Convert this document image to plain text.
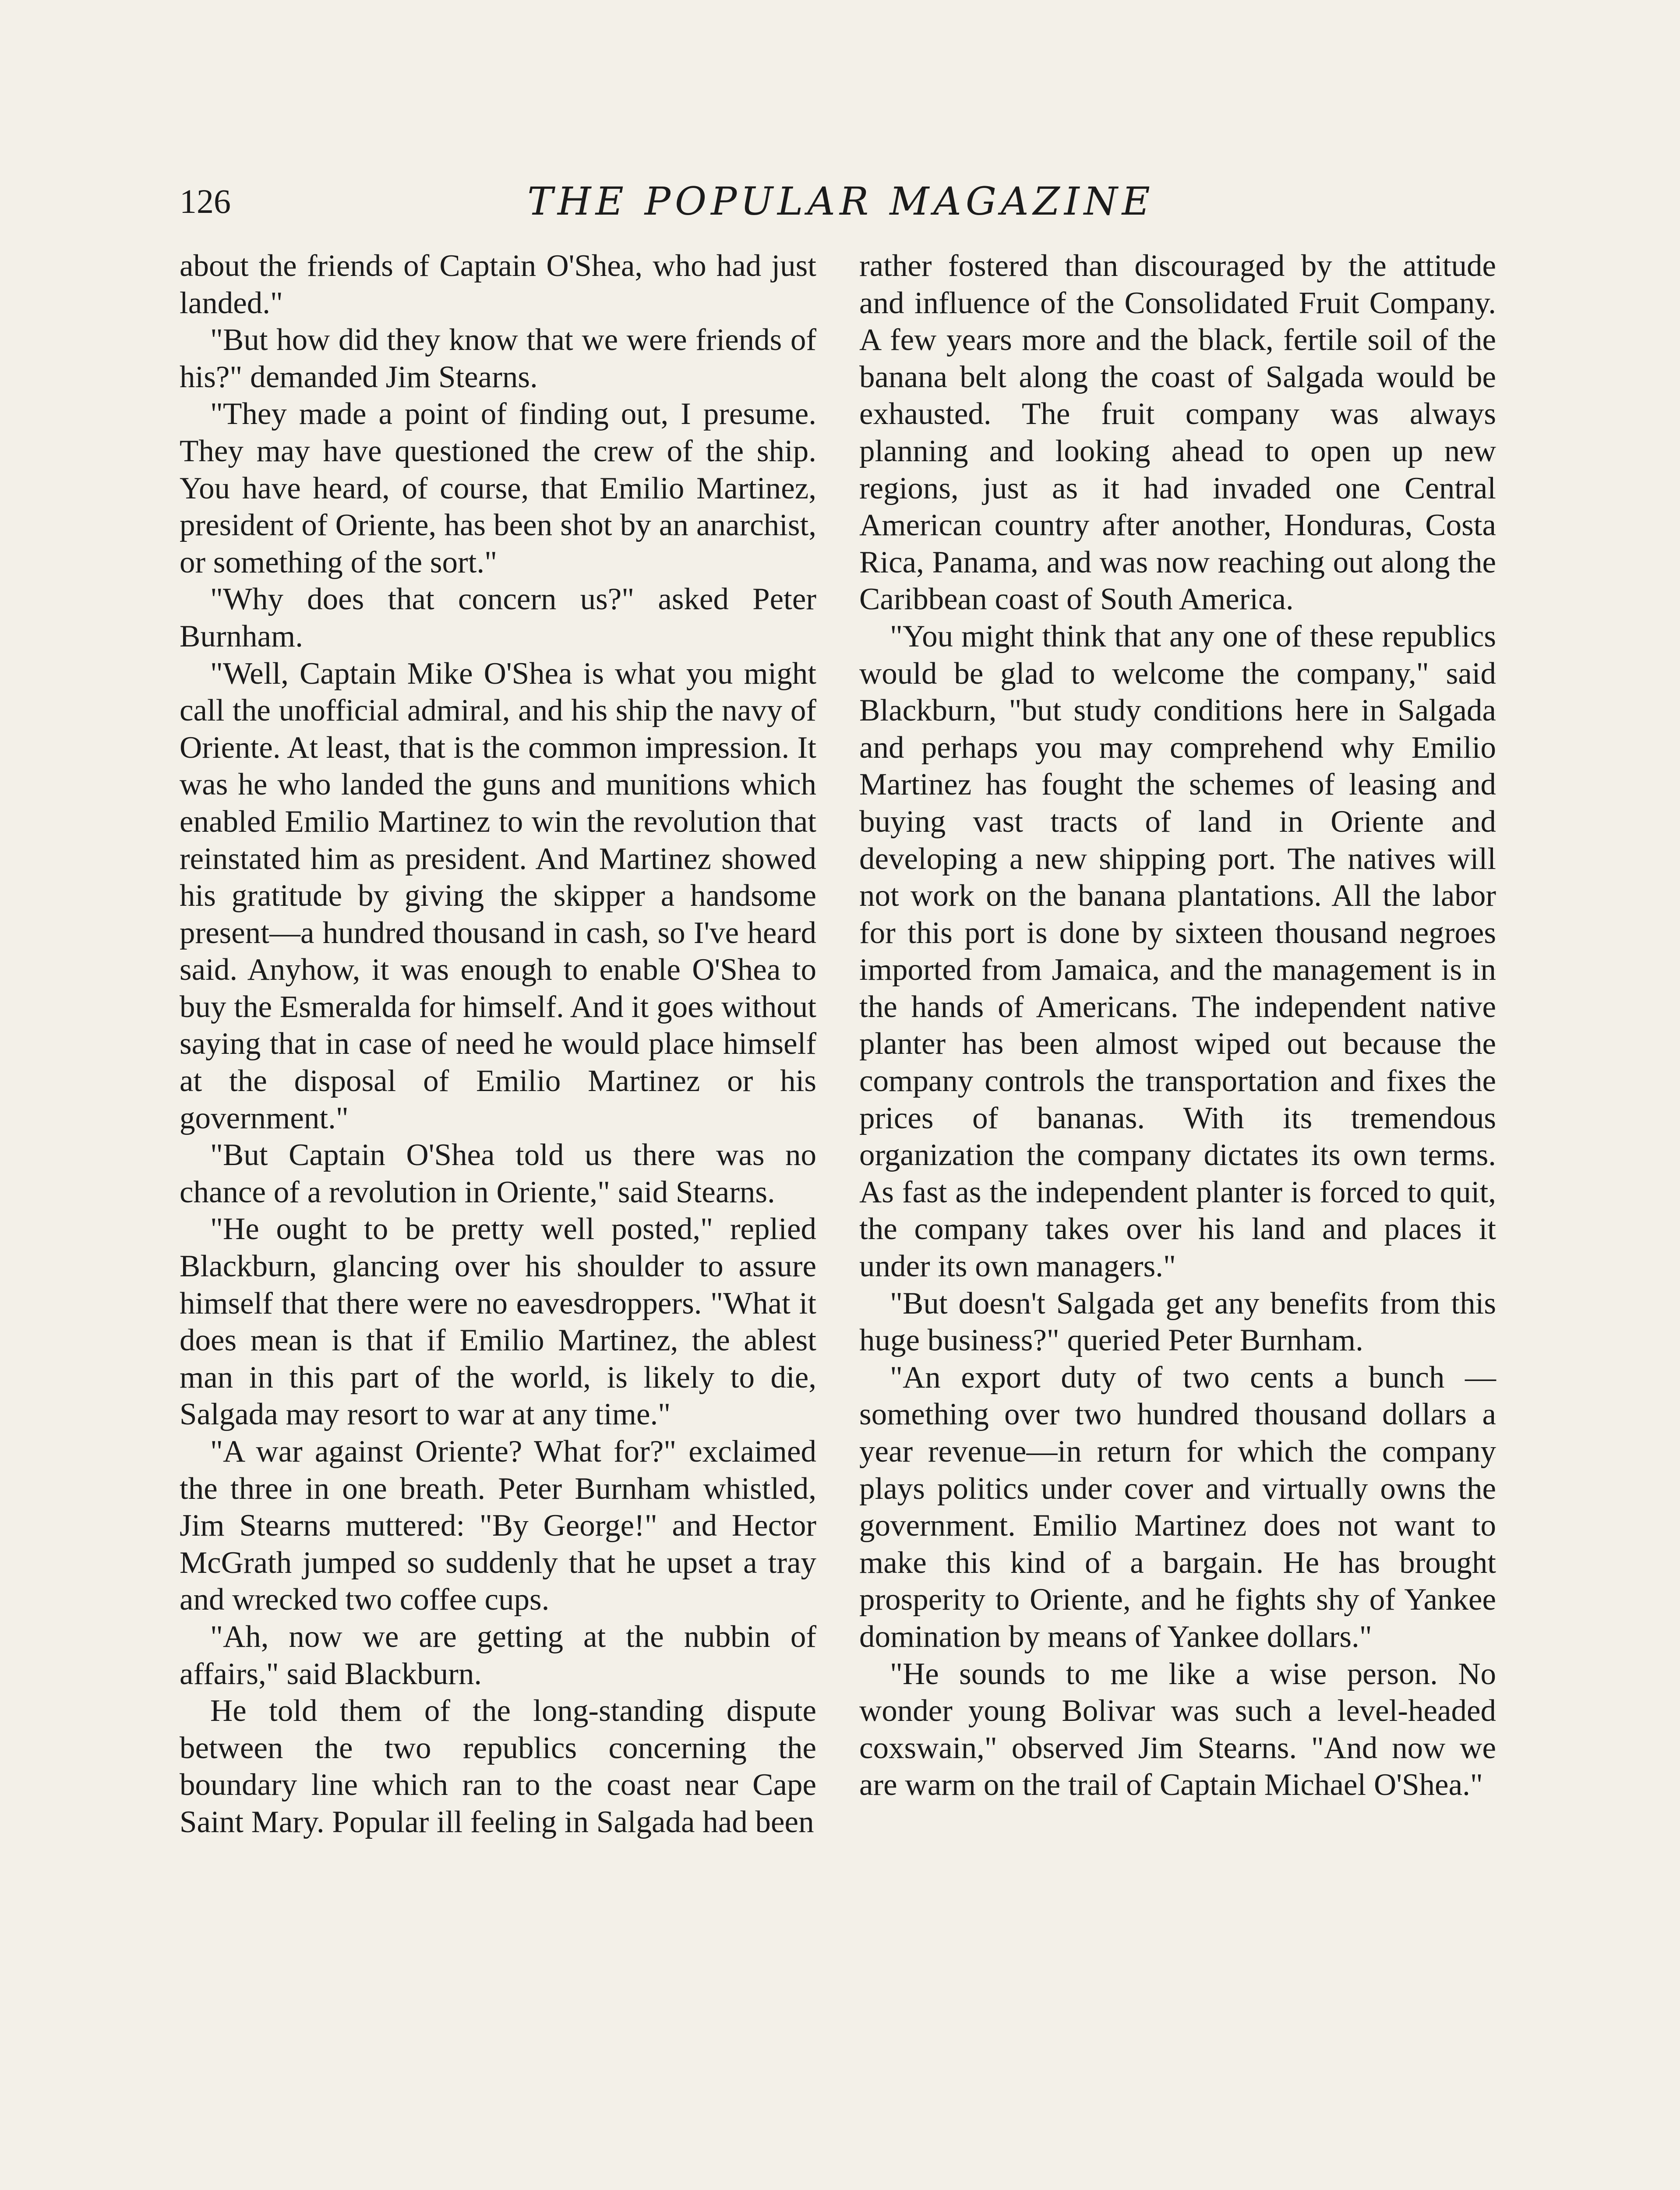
126	THE POPULAR MAGAZINE

about the friends of Captain O'Shea, who had just landed."

"But how did they know that we were friends of his?" demanded Jim Stearns.

"They made a point of finding out, I presume. They may have questioned the crew of the ship. You have heard, of course, that Emilio Martinez, president of Oriente, has been shot by an anarchist, or something of the sort."

"Why does that concern us?" asked Peter Burnham.

"Well, Captain Mike O'Shea is what you might call the unofficial admiral, and his ship the navy of Oriente. At least, that is the common impression. It was he who landed the guns and munitions which enabled Emilio Martinez to win the revolution that reinstated him as president. And Martinez showed his gratitude by giving the skipper a handsome present—a hundred thousand in cash, so I've heard said. Anyhow, it was enough to enable O'Shea to buy the Esmeralda for himself. And it goes without saying that in case of need he would place himself at the disposal of Emilio Martinez or his government."

"But Captain O'Shea told us there was no chance of a revolution in Oriente," said Stearns.

"He ought to be pretty well posted," replied Blackburn, glancing over his shoulder to assure himself that there were no eavesdroppers. "What it does mean is that if Emilio Martinez, the ablest man in this part of the world, is likely to die, Salgada may resort to war at any time."

"A war against Oriente? What for?" exclaimed the three in one breath. Peter Burnham whistled, Jim Stearns muttered: "By George!" and Hector McGrath jumped so suddenly that he upset a tray and wrecked two coffee cups.

"Ah, now we are getting at the nubbin of affairs," said Blackburn.

He told them of the long-standing dispute between the two republics concerning the boundary line which ran to the coast near Cape Saint Mary. Popular ill feeling in Salgada had been

rather fostered than discouraged by the attitude and influence of the Consolidated Fruit Company. A few years more and the black, fertile soil of the banana belt along the coast of Salgada would be exhausted. The fruit company was always planning and looking ahead to open up new regions, just as it had invaded one Central American country after another, Honduras, Costa Rica, Panama, and was now reaching out along the Caribbean coast of South America.

"You might think that any one of these republics would be glad to welcome the company," said Blackburn, "but study conditions here in Salgada and perhaps you may comprehend why Emilio Martinez has fought the schemes of leasing and buying vast tracts of land in Oriente and developing a new shipping port. The natives will not work on the banana plantations. All the labor for this port is done by sixteen thousand negroes imported from Jamaica, and the management is in the hands of Americans. The independent native planter has been almost wiped out because the company controls the transportation and fixes the prices of bananas. With its tremendous organization the company dictates its own terms. As fast as the independent planter is forced to quit, the company takes over his land and places it under its own managers."

"But doesn't Salgada get any benefits from this huge business?" queried Peter Burnham.

"An export duty of two cents a bunch —something over two hundred thousand dollars a year revenue—in return for which the company plays politics under cover and virtually owns the government. Emilio Martinez does not want to make this kind of a bargain. He has brought prosperity to Oriente, and he fights shy of Yankee domination by means of Yankee dollars."

"He sounds to me like a wise person. No wonder young Bolivar was such a level-headed coxswain," observed Jim Stearns. "And now we are warm on the trail of Captain Michael O'Shea."
